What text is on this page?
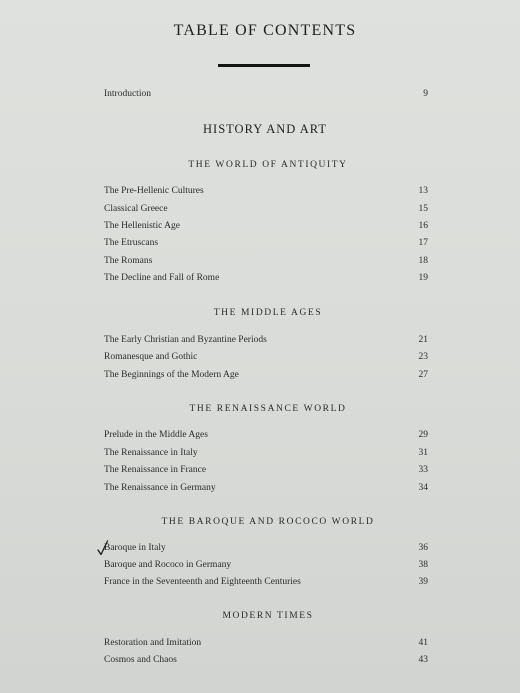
TABLE OF CONTENTS
Introduction	9
HISTORY AND ART
THE WORLD OF ANTIQUITY
The Pre-Hellenic Cultures	13
Classical Greece	15
The Hellenistic Age	16
The Etruscans	17
The Romans	18
The Decline and Fall of Rome	19
THE MIDDLE AGES
The Early Christian and Byzantine Periods	21
Romanesque and Gothic	23
The Beginnings of the Modern Age	27
THE RENAISSANCE WORLD
Prelude in the Middle Ages	29
The Renaissance in Italy	31
The Renaissance in France	33
The Renaissance in Germany	34
THE BAROQUE AND ROCOCO WORLD
Baroque in Italy	36
Baroque and Rococo in Germany	38
France in the Seventeenth and Eighteenth Centuries	39
MODERN TIMES
Restoration and Imitation	41
Cosmos and Chaos	43
